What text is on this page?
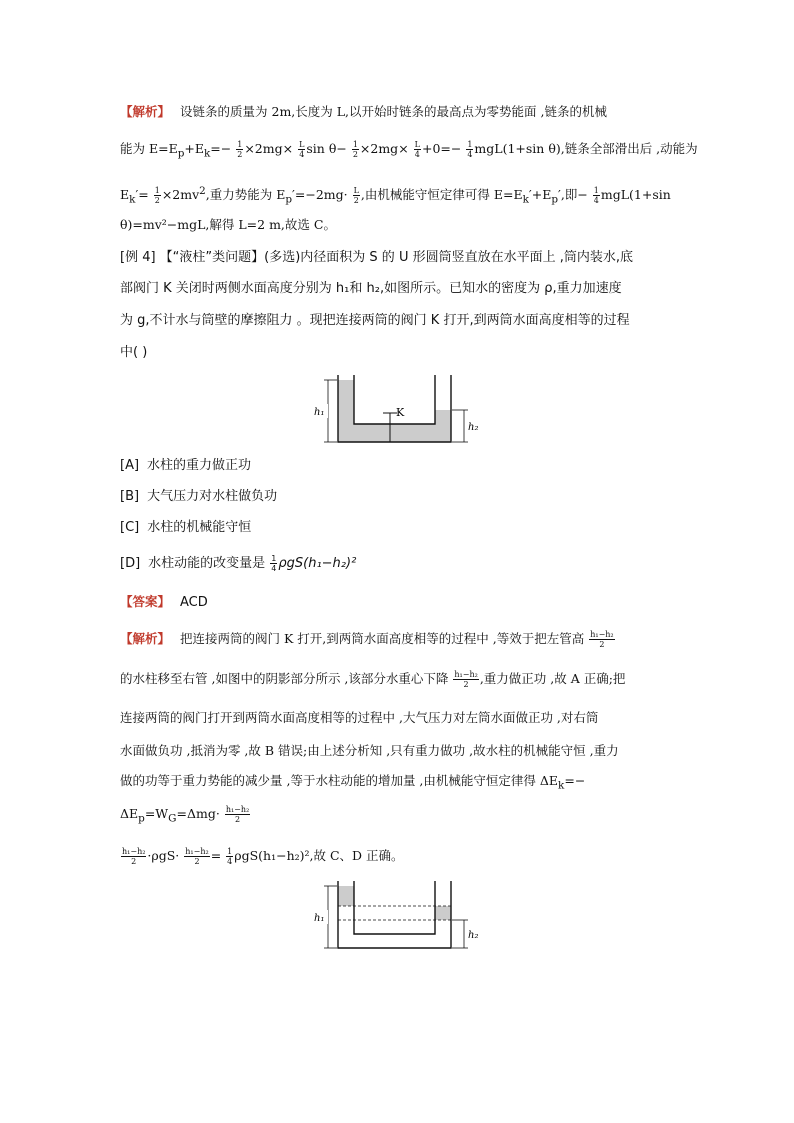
【解析】 设链条的质量为 2m,长度为 L,以开始时链条的最高点为零势能面 ,链条的机械
能为 $E=E_p+E_k=- \frac{1}{2} \times 2mg\times \frac{L}{4}$ $\sin \theta- \frac{1}{2} \times 2mg\times \frac{L}{4} +0=- \frac{1}{4} mgL(1+\sin$ θ),链条全部滑出后 ,动能为
$E_k'= \frac{1}{2} \times 2mv^2$,重力势能为 $E_p'=-2mg\cdot \frac{L}{2}$ ,由机械能守恒定律可得 $E=E_k'+E_p'$,即− $\frac{1}{4} mgL(1+\sin$
θ)=mv²−mgL,解得 L=2 m,故选 C。
[例 4] 【“液柱”类问题】(多选)内径面积为 S 的 U 形圆筒竖直放在水平面上 ,筒内装水,底
部阀门 K 关闭时两侧水面高度分别为 h₁和 h₂,如图所示。已知水的密度为 ρ,重力加速度
为 g,不计水与筒壁的摩擦阻力 。现把连接两筒的阀门 K 打开,到两筒水面高度相等的过程
中( )
K
h₁
h₂
[A] 水柱的重力做正功
[B] 大气压力对水柱做负功
[C] 水柱的机械能守恒
[D] 水柱动能的改变量是 $\frac{1}{4} \rho gS(h_1-h_2)^2$
【答案】 ACD
【解析】 把连接两筒的阀门 K 打开,到两筒水面高度相等的过程中 ,等效于把左管高 $\frac{\text{h₁−h₂}}{2}$
的水柱移至右管 ,如图中的阴影部分所示 ,该部分水重心下降 $\frac{\text{h₁−h₂}}{2}$ ,重力做正功 ,故 A 正确;把
连接两筒的阀门打开到两筒水面高度相等的过程中 ,大气压力对左筒水面做正功 ,对右筒
水面做负功 ,抵消为零 ,故 B 错误;由上述分析知 ,只有重力做功 ,故水柱的机械能守恒 ,重力
做的功等于重力势能的减少量 ,等于水柱动能的增加量 ,由机械能守恒定律得 $\Delta E_k=-$
$\Delta E_p=W_G=\Delta mg\cdot \frac{\text{h₁−h₂}}{2}$
$\frac{\text{h₁−h₂}}{2} \cdot\rho gS\cdot \frac{\text{h₁−h₂}}{2} = \frac{1}{4} \rho gS(h_1-h_2)^2$,故 C、D 正确。
h₁
h₂
